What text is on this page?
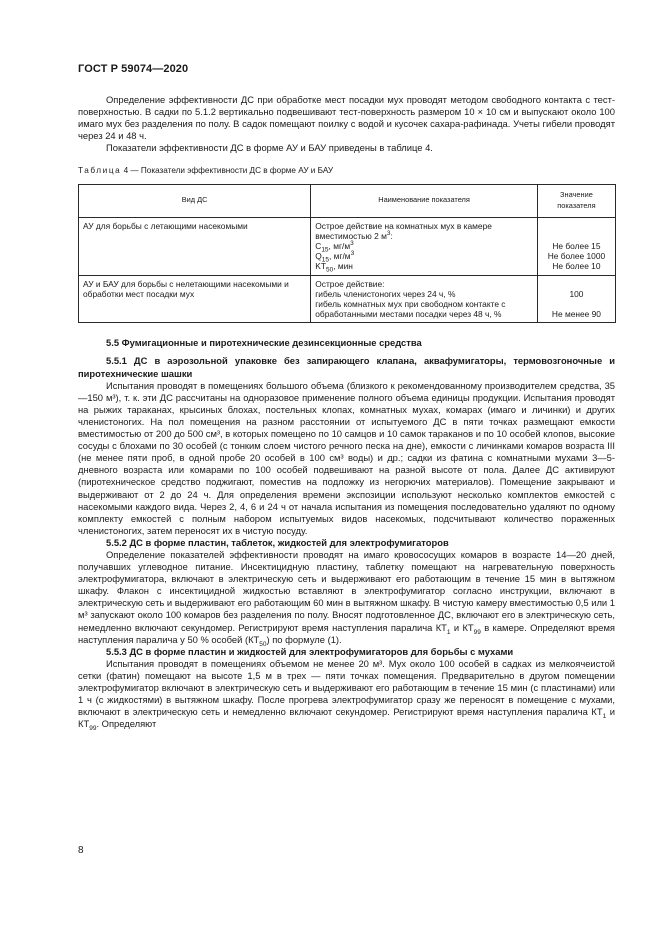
ГОСТ Р 59074—2020

Определение эффективности ДС при обработке мест посадки мух проводят методом свободного контакта с тест-поверхностью. В садки по 5.1.2 вертикально подвешивают тест-поверхность размером 10 × 10 см и выпускают около 100 имаго мух без разделения по полу. В садок помещают поилку с водой и кусочек сахара-рафинада. Учеты гибели проводят через 24 и 48 ч.

Показатели эффективности ДС в форме АУ и БАУ приведены в таблице 4.

Таблица 4 — Показатели эффективности ДС в форме АУ и БАУ
Вид ДС	Наименование показателя	Значение показателя
АУ для борьбы с летающими насекомыми	Острое действие на комнатных мух в камере вместимостью 2 $м^3$:
$C_{15}$, $мг/м^3$
$Q_{15}$, $мг/м^3$
$KT_{50}$, мин	Не более 15
Не более 1000
Не более 10

АУ и БАУ для борьбы с нелетающими насекомыми и обработки мест посадки мух	Острое действие:
гибель членистоногих через 24 ч, %
гибель комнатных мух при свободном контакте с обработанными местами посадки через 48 ч, %	100
Не менее 90
5.5 Фумигационные и пиротехнические дезинсекционные средства

5.5.1 ДС в аэрозольной упаковке без запирающего клапана, аквафумигаторы, термовозгоночные и пиротехнические шашки

Испытания проводят в помещениях большого объема (близкого к рекомендованному производителем средства, 35—150 м³), т. к. эти ДС рассчитаны на одноразовое применение полного объема единицы продукции. Испытания проводят на рыжих тараканах, крысиных блохах, постельных клопах, комнатных мухах, комарах (имаго и личинки) и других членистоногих. На пол помещения на разном расстоянии от испытуемого ДС в пяти точках размещают емкости вместимостью от 200 до 500 см³, в которых помещено по 10 самцов и 10 самок тараканов и по 10 особей клопов, высокие сосуды с блохами по 30 особей (с тонким слоем чистого речного песка на дне), емкости с личинками комаров возраста III (не менее пяти проб, в одной пробе 20 особей в 100 см³ воды) и др.; садки из фатина с комнатными мухами 3—5-дневного возраста или комарами по 100 особей подвешивают на разной высоте от пола. Далее ДС активируют (пиротехническое средство поджигают, поместив на подложку из негорючих материалов). Помещение закрывают и выдерживают от 2 до 24 ч. Для определения времени экспозиции используют несколько комплектов емкостей с насекомыми каждого вида. Через 2, 4, 6 и 24 ч от начала испытания из помещения последовательно удаляют по одному комплекту емкостей с полным набором испытуемых видов насекомых, подсчитывают количество пораженных членистоногих, затем переносят их в чистую посуду.

5.5.2 ДС в форме пластин, таблеток, жидкостей для электрофумигаторов

Определение показателей эффективности проводят на имаго кровососущих комаров в возрасте 14—20 дней, получавших углеводное питание. Инсектицидную пластину, таблетку помещают на нагревательную поверхность электрофумигатора, включают в электрическую сеть и выдерживают его работающим в течение 15 мин в вытяжном шкафу. Флакон с инсектицидной жидкостью вставляют в электрофумигатор согласно инструкции, включают в электрическую сеть и выдерживают его работающим 60 мин в вытяжном шкафу. В чистую камеру вместимостью 0,5 или 1 м³ запускают около 100 комаров без разделения по полу. Вносят подготовленное ДС, включают его в электрическую сеть, немедленно включают секундомер. Регистрируют время наступления паралича $КТ_1$ и $КТ_{99}$ в камере. Определяют время наступления паралича у 50 % особей $(КТ_{50})$ по формуле (1).

5.5.3 ДС в форме пластин и жидкостей для электрофумигаторов для борьбы с мухами

Испытания проводят в помещениях объемом не менее 20 м³. Мух около 100 особей в садках из мелкоячеистой сетки (фатин) помещают на высоте 1,5 м в трех — пяти точках помещения. Предварительно в другом помещении электрофумигатор включают в электрическую сеть и выдерживают его работающим в течение 15 мин (с пластинами) или 1 ч (с жидкостями) в вытяжном шкафу. После прогрева электрофумигатор сразу же переносят в помещение с мухами, включают в электрическую сеть и немедленно включают секундомер. Регистрируют время наступления паралича $КТ_1$ и $КТ_{99}$. Определяют

8
